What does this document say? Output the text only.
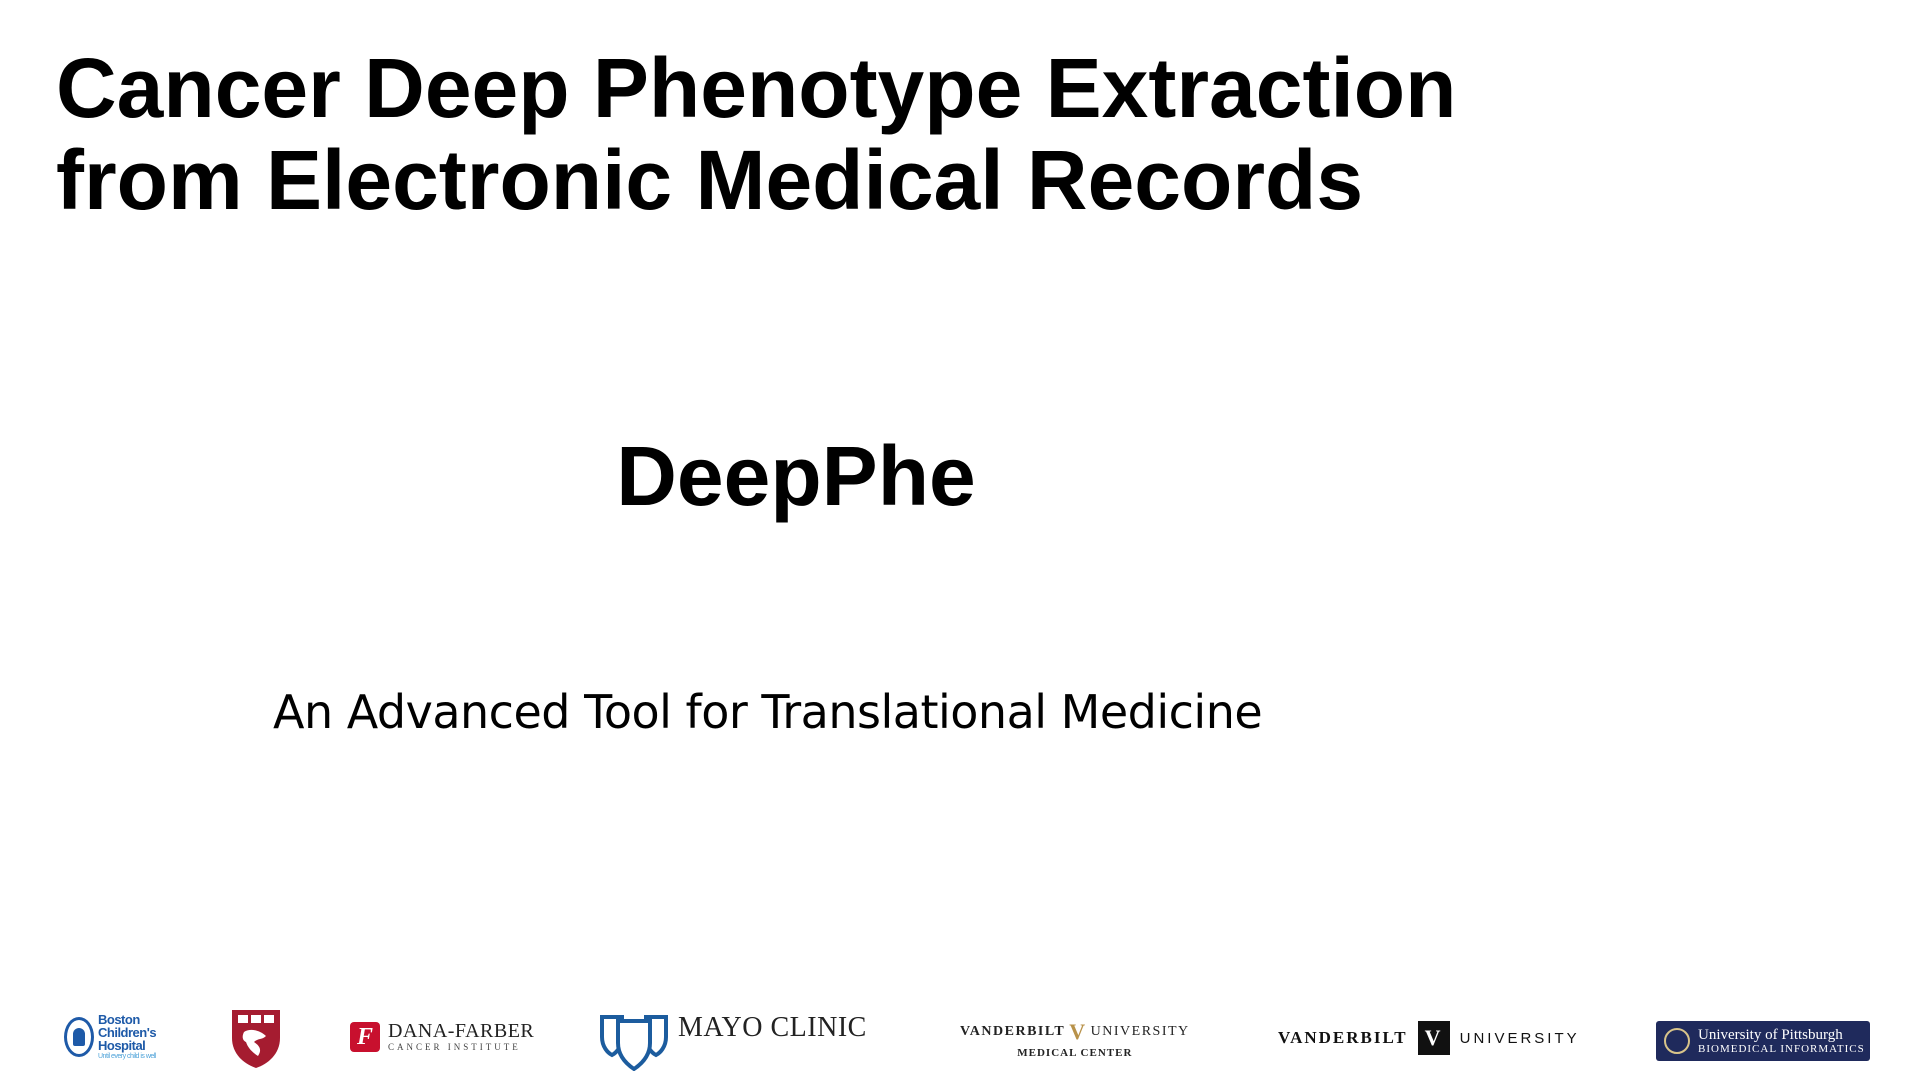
Cancer Deep Phenotype Extraction
from Electronic Medical Records
DeepPhe
An Advanced Tool for Translational Medicine
Boston
Children's
Hospital
Until every child is well
F DANA-FARBER
CANCER INSTITUTE
MAYO CLINIC	VANDERBILT V UNIVERSITY
MEDICAL CENTER
VANDERBILT V	UNIVERSITY	University of Pittsburgh
BIOMEDICAL INFORMATICS
